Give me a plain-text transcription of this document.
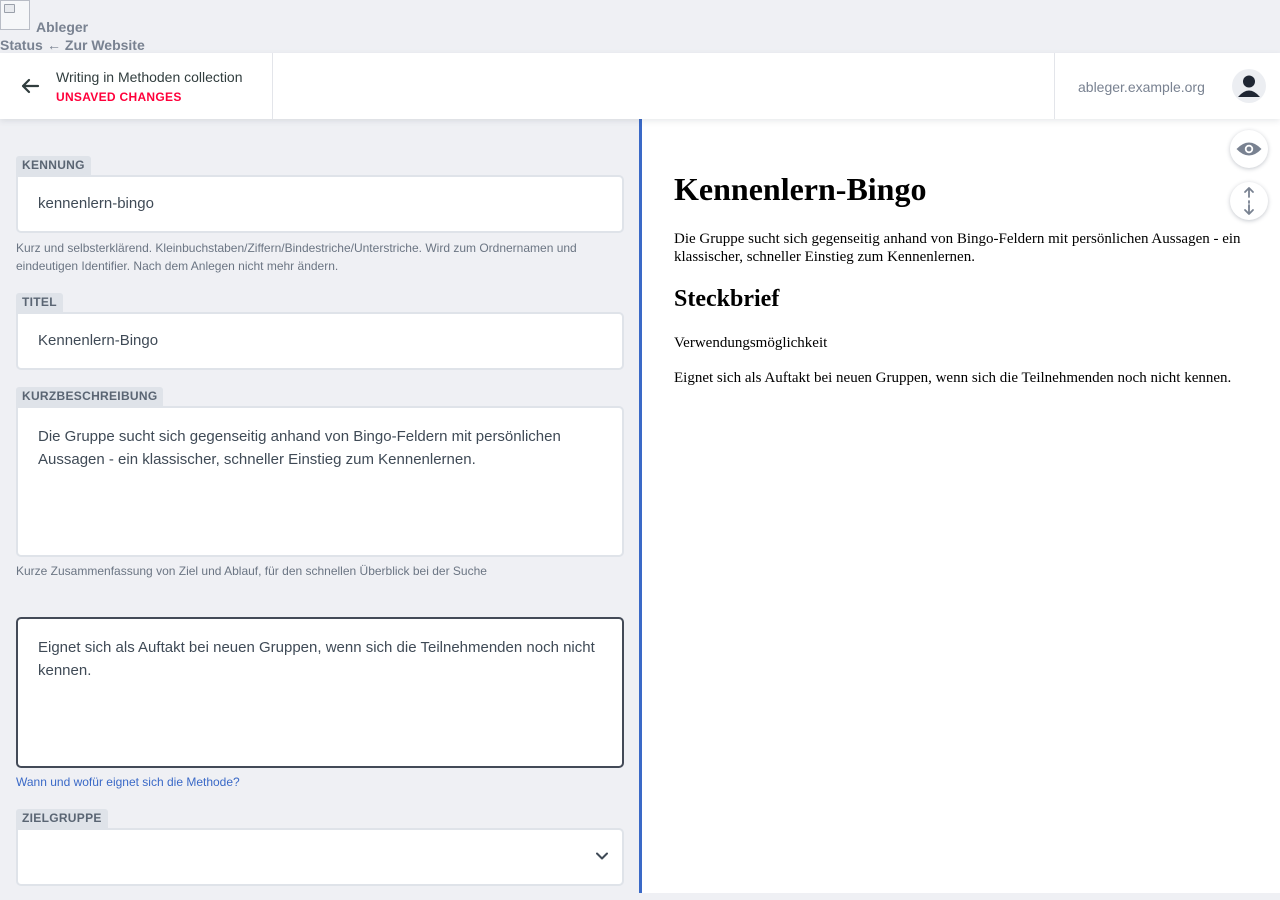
Ableger
Status ← Zur Website
Writing in Methoden collection
UNSAVED CHANGES
ableger.example.org
KENNUNG
kennenlern-bingo
Kurz und selbsterklärend. Kleinbuchstaben/Ziffern/Bindestriche/Unterstriche. Wird zum Ordnernamen und eindeutigen Identifier. Nach dem Anlegen nicht mehr ändern.
TITEL
Kennenlern-Bingo
KURZBESCHREIBUNG
Die Gruppe sucht sich gegenseitig anhand von Bingo-Feldern mit persönlichen Aussagen - ein klassischer, schneller Einstieg zum Kennenlernen.
Kurze Zusammenfassung von Ziel und Ablauf, für den schnellen Überblick bei der Suche
Eignet sich als Auftakt bei neuen Gruppen, wenn sich die Teilnehmenden noch nicht kennen.
Wann und wofür eignet sich die Methode?
ZIELGRUPPE
Kennenlern-Bingo

Die Gruppe sucht sich gegenseitig anhand von Bingo-Feldern mit persönlichen Aussagen - ein klassischer, schneller Einstieg zum Kennenlernen.

Steckbrief

Verwendungsmöglichkeit

Eignet sich als Auftakt bei neuen Gruppen, wenn sich die Teilnehmenden noch nicht kennen.
